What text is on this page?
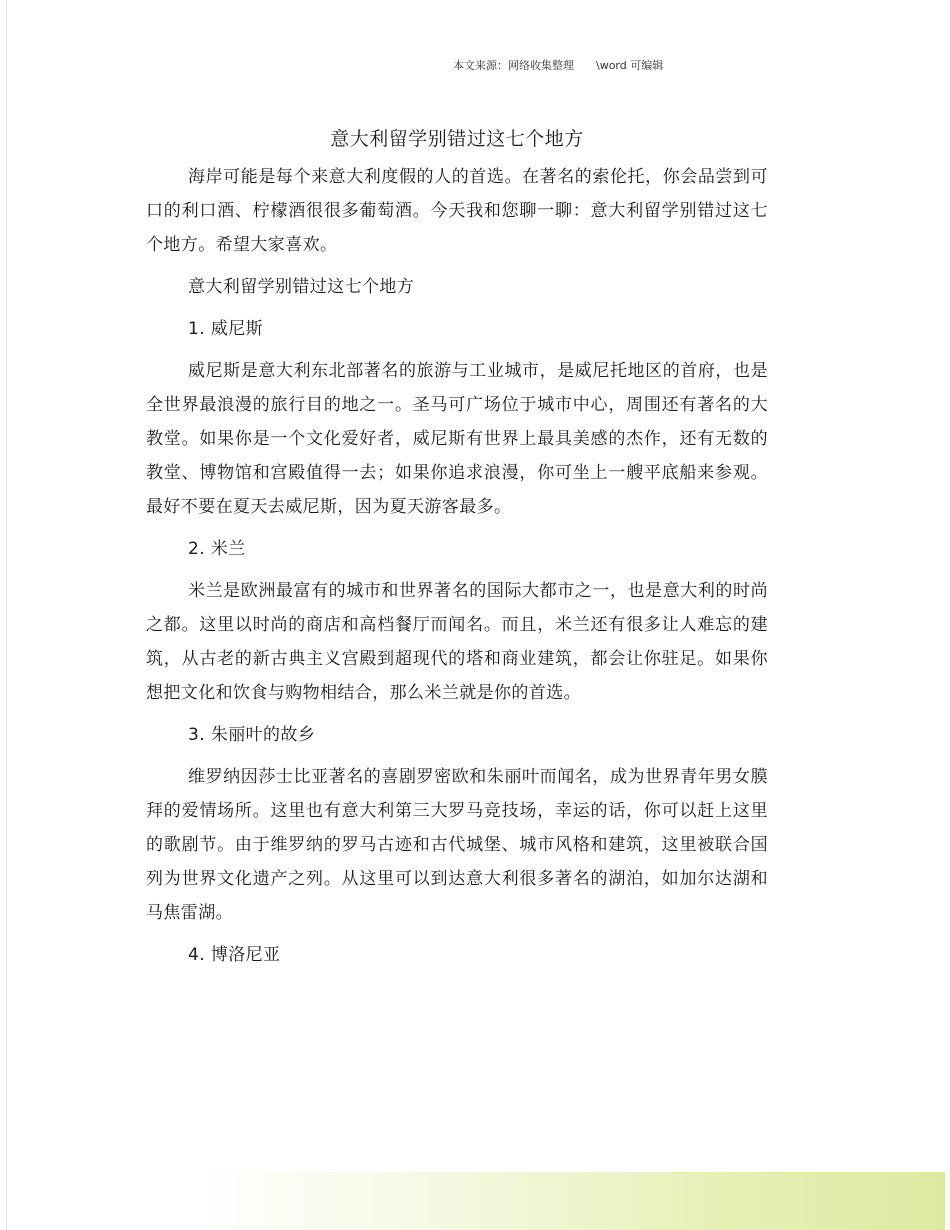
本文来源：网络收集整理 \word 可编辑
意大利留学别错过这七个地方

海岸可能是每个来意大利度假的人的首选。在著名的索伦托，你会品尝到可口的利口酒、柠檬酒很很多葡萄酒。今天我和您聊一聊：意大利留学别错过这七个地方。希望大家喜欢。

意大利留学别错过这七个地方

1. 威尼斯

威尼斯是意大利东北部著名的旅游与工业城市，是威尼托地区的首府，也是全世界最浪漫的旅行目的地之一。圣马可广场位于城市中心，周围还有著名的大教堂。如果你是一个文化爱好者，威尼斯有世界上最具美感的杰作，还有无数的教堂、博物馆和宫殿值得一去；如果你追求浪漫，你可坐上一艘平底船来参观。最好不要在夏天去威尼斯，因为夏天游客最多。

2. 米兰

米兰是欧洲最富有的城市和世界著名的国际大都市之一，也是意大利的时尚之都。这里以时尚的商店和高档餐厅而闻名。而且，米兰还有很多让人难忘的建筑，从古老的新古典主义宫殿到超现代的塔和商业建筑，都会让你驻足。如果你想把文化和饮食与购物相结合，那么米兰就是你的首选。

3. 朱丽叶的故乡

维罗纳因莎士比亚著名的喜剧罗密欧和朱丽叶而闻名，成为世界青年男女膜拜的爱情场所。这里也有意大利第三大罗马竞技场，幸运的话，你可以赶上这里的歌剧节。由于维罗纳的罗马古迹和古代城堡、城市风格和建筑，这里被联合国列为世界文化遗产之列。从这里可以到达意大利很多著名的湖泊，如加尔达湖和马焦雷湖。

4. 博洛尼亚
